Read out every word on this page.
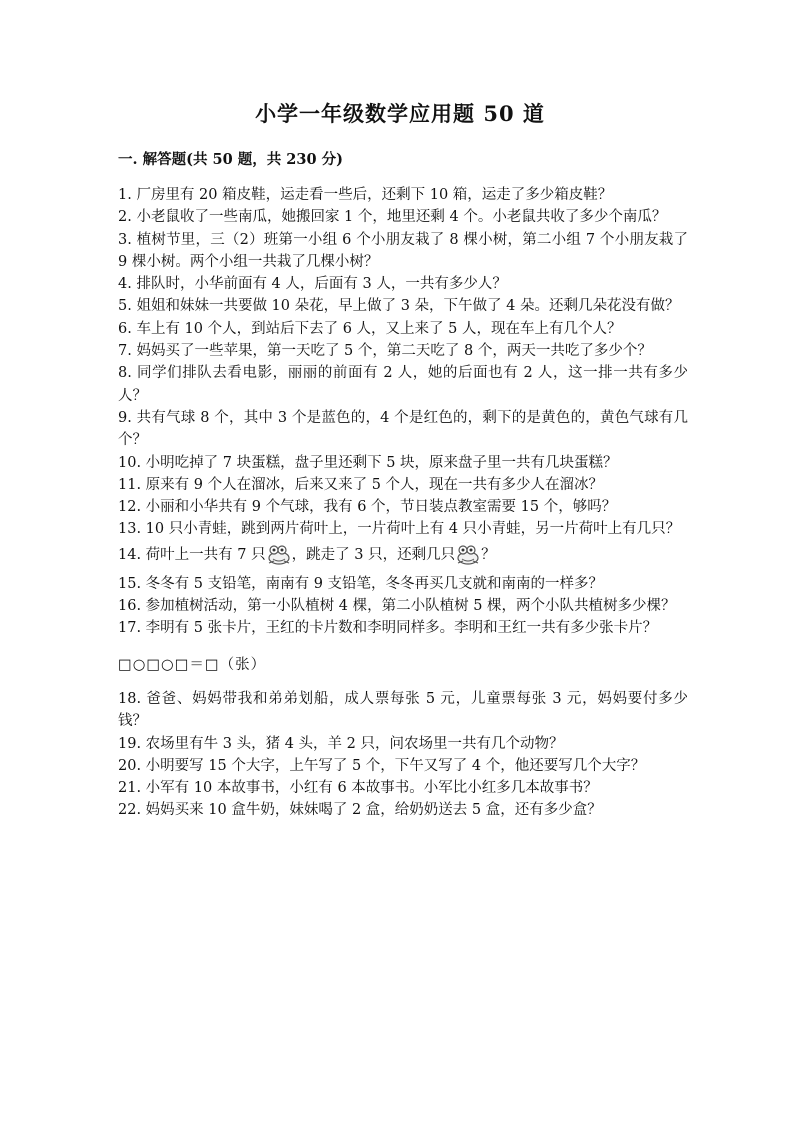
小学一年级数学应用题 50 道
一. 解答题(共 50 题，共 230 分)

1. 厂房里有 20 箱皮鞋，运走看一些后，还剩下 10 箱，运走了多少箱皮鞋？

2. 小老鼠收了一些南瓜，她搬回家 1 个，地里还剩 4 个。小老鼠共收了多少个南瓜？

3. 植树节里，三（2）班第一小组 6 个小朋友栽了 8 棵小树，第二小组 7 个小朋友栽了 9 棵小树。两个小组一共栽了几棵小树？

4. 排队时，小华前面有 4 人，后面有 3 人，一共有多少人？

5. 姐姐和妹妹一共要做 10 朵花，早上做了 3 朵，下午做了 4 朵。还剩几朵花没有做？

6. 车上有 10 个人，到站后下去了 6 人，又上来了 5 人，现在车上有几个人？

7. 妈妈买了一些苹果，第一天吃了 5 个，第二天吃了 8 个，两天一共吃了多少个？

8. 同学们排队去看电影，丽丽的前面有 2 人，她的后面也有 2 人，这一排一共有多少人？

9. 共有气球 8 个，其中 3 个是蓝色的，4 个是红色的，剩下的是黄色的，黄色气球有几个？

10. 小明吃掉了 7 块蛋糕，盘子里还剩下 5 块，原来盘子里一共有几块蛋糕？

11. 原来有 9 个人在溜冰，后来又来了 5 个人，现在一共有多少人在溜冰？

12. 小丽和小华共有 9 个气球，我有 6 个，节日装点教室需要 15 个，够吗？

13. 10 只小青蛙，跳到两片荷叶上，一片荷叶上有 4 只小青蛙，另一片荷叶上有几只？

14. 荷叶上一共有 7 只 ，跳走了 3 只，还剩几只 ？

15. 冬冬有 5 支铅笔，南南有 9 支铅笔，冬冬再买几支就和南南的一样多？

16. 参加植树活动，第一小队植树 4 棵，第二小队植树 5 棵，两个小队共植树多少棵？

17. 李明有 5 张卡片，王红的卡片数和李明同样多。李明和王红一共有多少张卡片？

□○□○□＝□（张）

18. 爸爸、妈妈带我和弟弟划船，成人票每张 5 元，儿童票每张 3 元，妈妈要付多少钱？

19. 农场里有牛 3 头，猪 4 头，羊 2 只，问农场里一共有几个动物？

20. 小明要写 15 个大字，上午写了 5 个，下午又写了 4 个，他还要写几个大字？

21. 小军有 10 本故事书，小红有 6 本故事书。小军比小红多几本故事书？

22. 妈妈买来 10 盒牛奶，妹妹喝了 2 盒，给奶奶送去 5 盒，还有多少盒？
